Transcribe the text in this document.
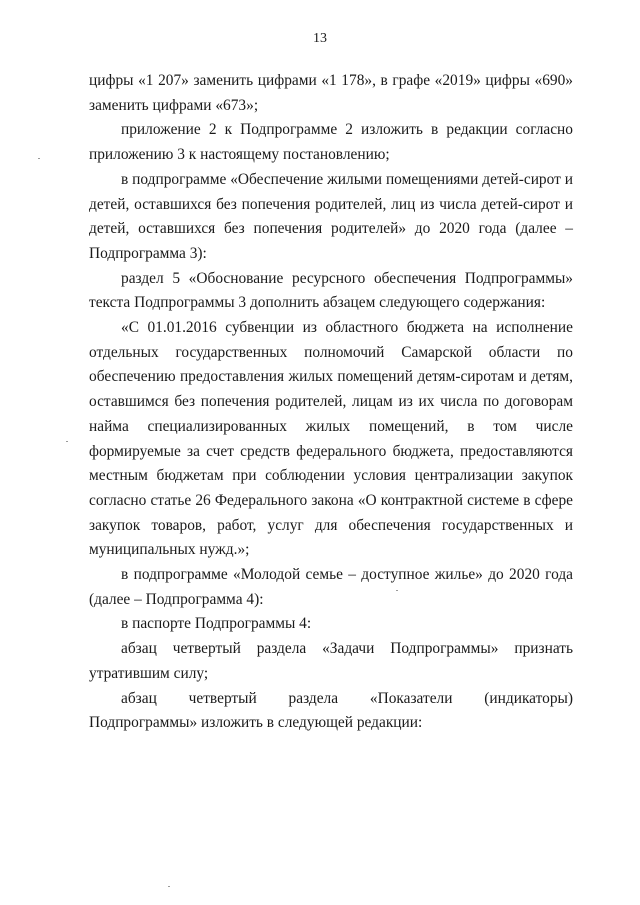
13

цифры «1 207» заменить цифрами «1 178», в графе «2019» цифры «690» заменить цифрами «673»;

приложение 2 к Подпрограмме 2 изложить в редакции согласно приложению 3 к настоящему постановлению;

в подпрограмме «Обеспечение жилыми помещениями детей-сирот и детей, оставшихся без попечения родителей, лиц из числа детей-сирот и детей, оставшихся без попечения родителей» до 2020 года (далее – Подпрограмма 3):

раздел 5 «Обоснование ресурсного обеспечения Подпрограммы» текста Подпрограммы 3 дополнить абзацем следующего содержания:

«С 01.01.2016 субвенции из областного бюджета на исполнение отдельных государственных полномочий Самарской области по обеспечению предоставления жилых помещений детям-сиротам и детям, оставшимся без попечения родителей, лицам из их числа по договорам найма специализированных жилых помещений, в том числе формируемые за счет средств федерального бюджета, предоставляются местным бюджетам при соблюдении условия централизации закупок согласно статье 26 Федерального закона «О контрактной системе в сфере закупок товаров, работ, услуг для обеспечения государственных и муниципальных нужд.»;

в подпрограмме «Молодой семье – доступное жилье» до 2020 года (далее – Подпрограмма 4):

в паспорте Подпрограммы 4:

абзац четвертый раздела «Задачи Подпрограммы» признать утратившим силу;

абзац четвертый раздела «Показатели (индикаторы) Подпрограммы» изложить в следующей редакции:
